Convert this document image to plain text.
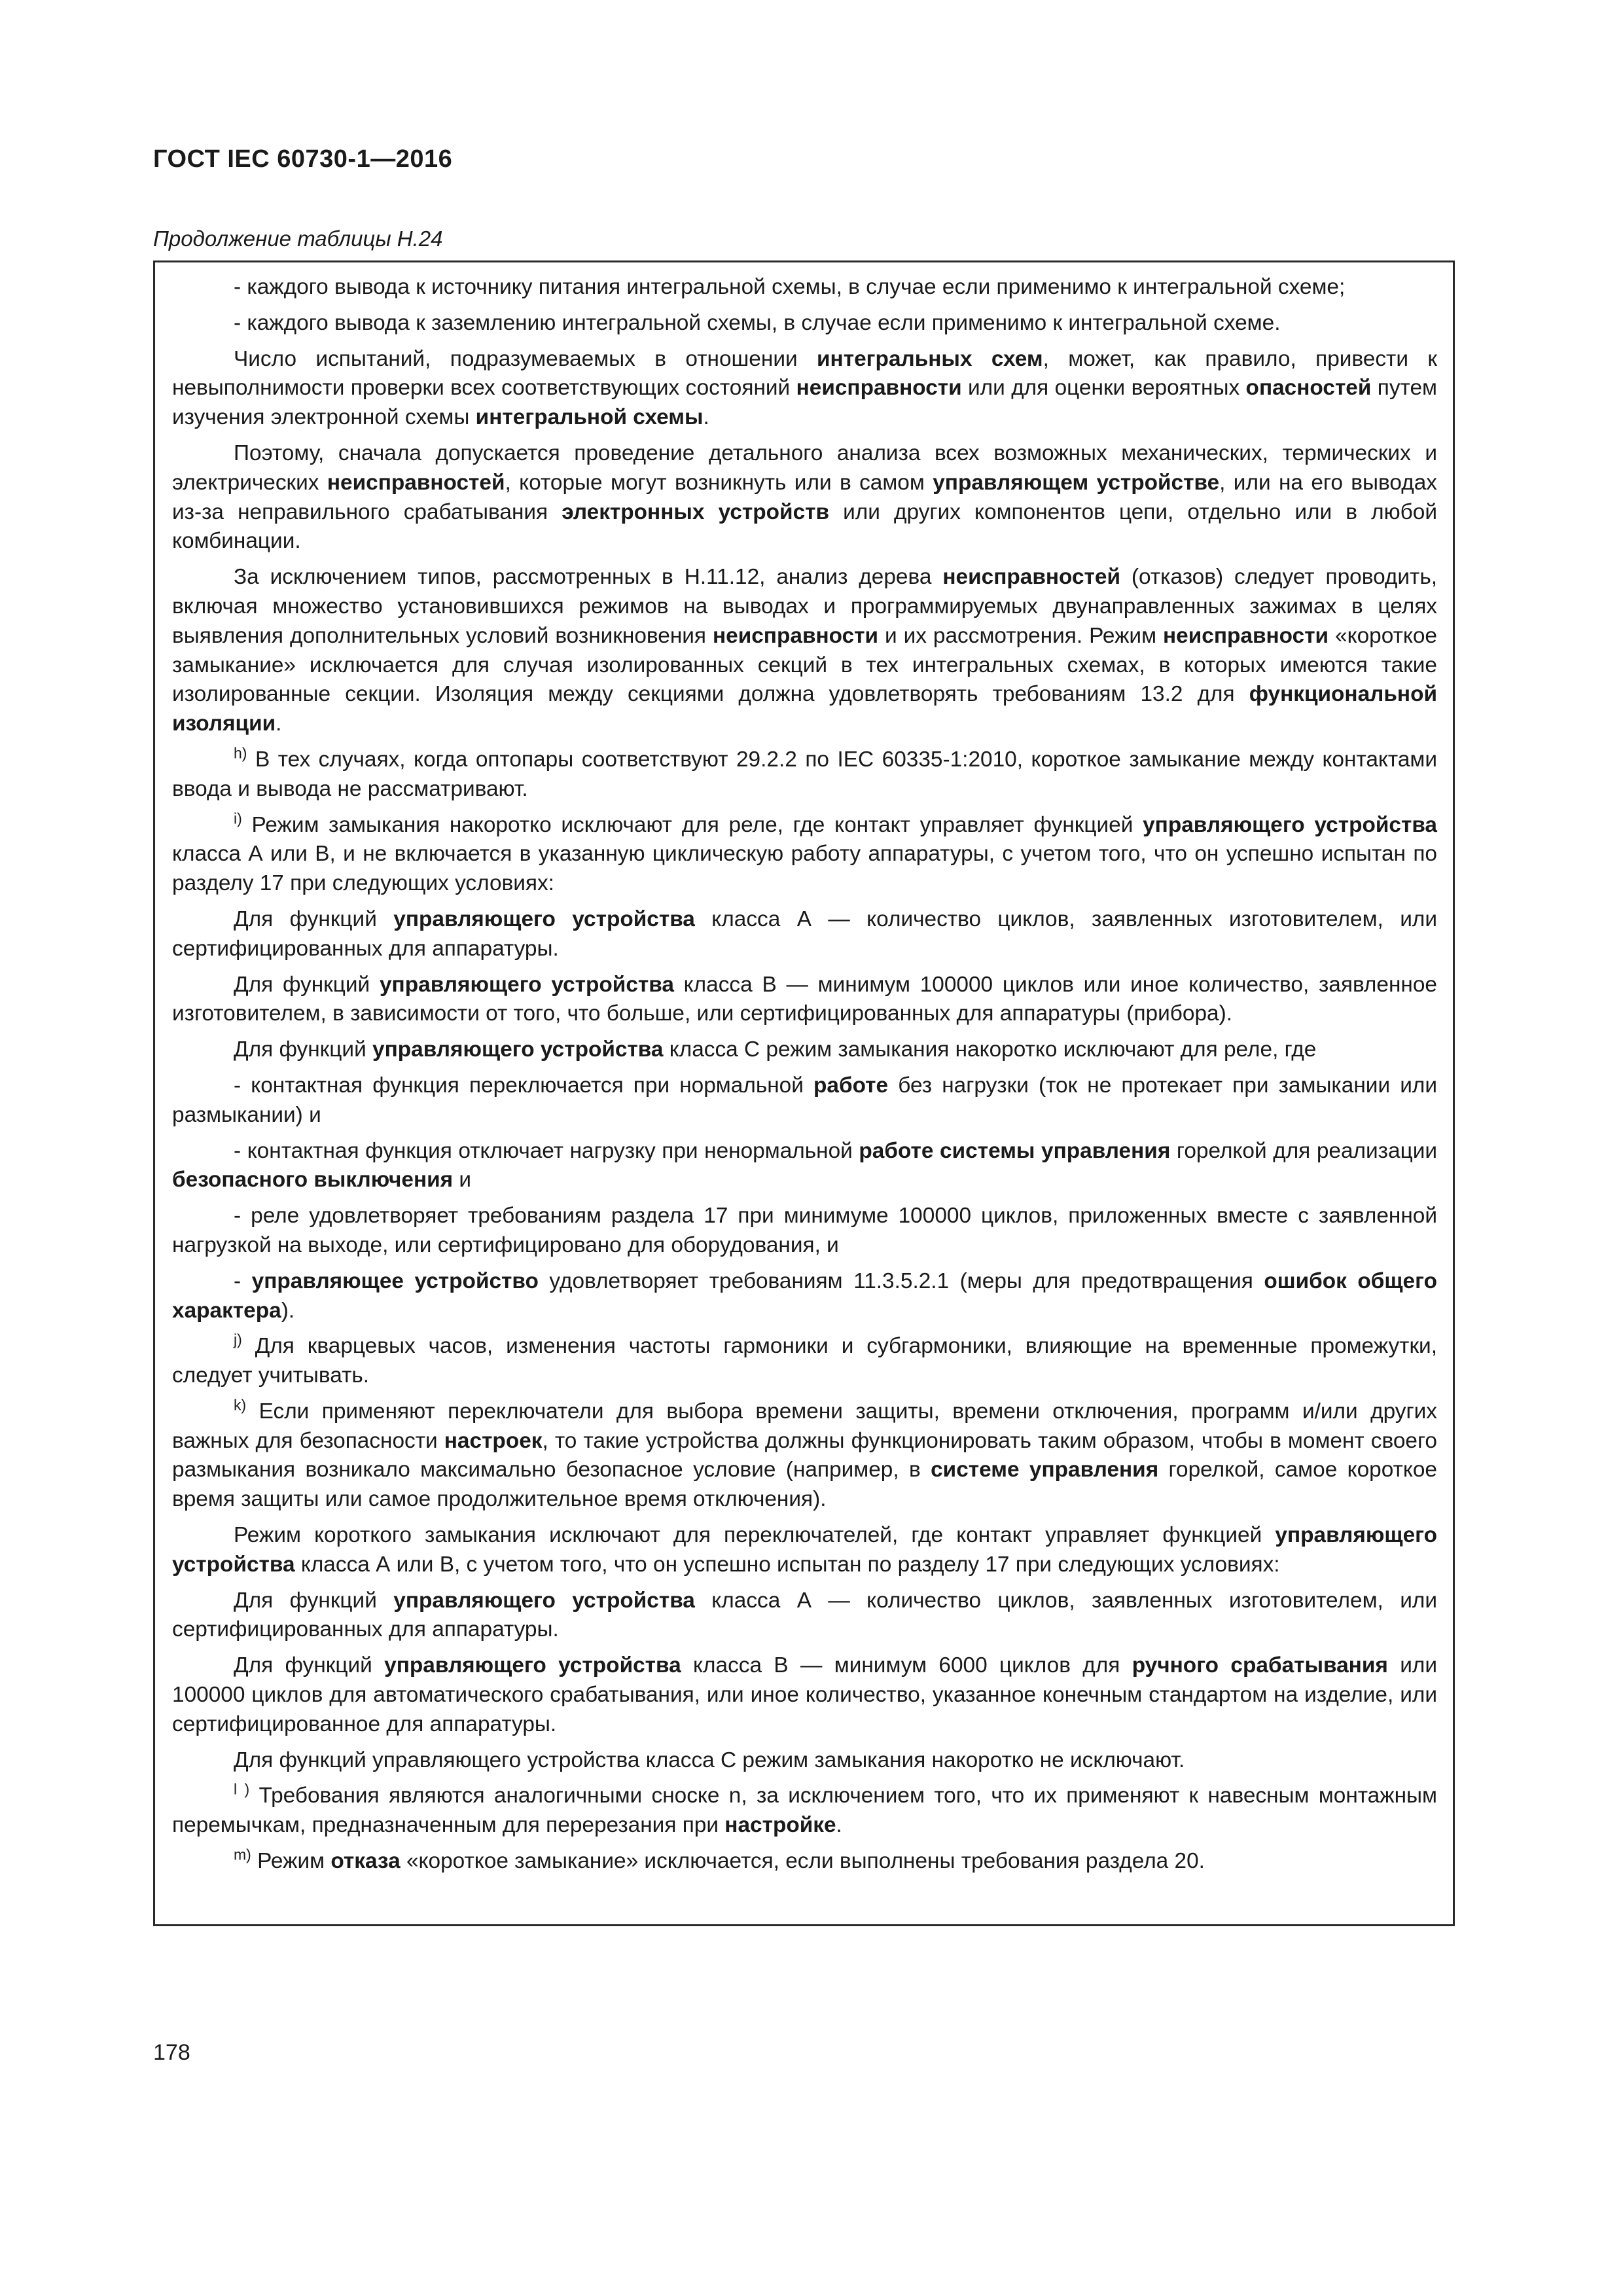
ГОСТ IEC 60730-1—2016
Продолжение таблицы Н.24

- каждого вывода к источнику питания интегральной схемы, в случае если применимо к интегральной схеме;

- каждого вывода к заземлению интегральной схемы, в случае если применимо к интегральной схеме.

Число испытаний, подразумеваемых в отношении интегральных схем, может, как правило, привести к невыполнимости проверки всех соответствующих состояний неисправности или для оценки вероятных опасностей путем изучения электронной схемы интегральной схемы.

Поэтому, сначала допускается проведение детального анализа всех возможных механических, термических и электрических неисправностей, которые могут возникнуть или в самом управляющем устройстве, или на его выводах из-за неправильного срабатывания электронных устройств или других компонентов цепи, отдельно или в любой комбинации.

За исключением типов, рассмотренных в Н.11.12, анализ дерева неисправностей (отказов) следует проводить, включая множество установившихся режимов на выводах и программируемых двунаправленных зажимах в целях выявления дополнительных условий возникновения неисправности и их рассмотрения. Режим неисправности «короткое замыкание» исключается для случая изолированных секций в тех интегральных схемах, в которых имеются такие изолированные секции. Изоляция между секциями должна удовлетворять требованиям 13.2 для функциональной изоляции.

$^{h)}$ В тех случаях, когда оптопары соответствуют 29.2.2 по IEC 60335-1:2010, короткое замыкание между контактами ввода и вывода не рассматривают.

$^{i)}$ Режим замыкания накоротко исключают для реле, где контакт управляет функцией управляющего устройства класса А или В, и не включается в указанную циклическую работу аппаратуры, с учетом того, что он успешно испытан по разделу 17 при следующих условиях:

Для функций управляющего устройства класса А — количество циклов, заявленных изготовителем, или сертифицированных для аппаратуры.

Для функций управляющего устройства класса В — минимум 100000 циклов или иное количество, заявленное изготовителем, в зависимости от того, что больше, или сертифицированных для аппаратуры (прибора).

Для функций управляющего устройства класса С режим замыкания накоротко исключают для реле, где

- контактная функция переключается при нормальной работе без нагрузки (ток не протекает при замыкании или размыкании) и

- контактная функция отключает нагрузку при ненормальной работе системы управления горелкой для реализации безопасного выключения и

- реле удовлетворяет требованиям раздела 17 при минимуме 100000 циклов, приложенных вместе с заявленной нагрузкой на выходе, или сертифицировано для оборудования, и

- управляющее устройство удовлетворяет требованиям 11.3.5.2.1 (меры для предотвращения ошибок общего характера).

$^{j)}$ Для кварцевых часов, изменения частоты гармоники и субгармоники, влияющие на временные промежутки, следует учитывать.

$^{k)}$ Если применяют переключатели для выбора времени защиты, времени отключения, программ и/или других важных для безопасности настроек, то такие устройства должны функционировать таким образом, чтобы в момент своего размыкания возникало максимально безопасное условие (например, в системе управления горелкой, самое короткое время защиты или самое продолжительное время отключения).

Режим короткого замыкания исключают для переключателей, где контакт управляет функцией управляющего устройства класса А или В, с учетом того, что он успешно испытан по разделу 17 при следующих условиях:

Для функций управляющего устройства класса А — количество циклов, заявленных изготовителем, или сертифицированных для аппаратуры.

Для функций управляющего устройства класса В — минимум 6000 циклов для ручного срабатывания или 100000 циклов для автоматического срабатывания, или иное количество, указанное конечным стандартом на изделие, или сертифицированное для аппаратуры.

Для функций управляющего устройства класса С режим замыкания накоротко не исключают.

$^{l )}$ Требования являются аналогичными сноске n, за исключением того, что их применяют к навесным монтажным перемычкам, предназначенным для перерезания при настройке.

$^{m)}$ Режим отказа «короткое замыкание» исключается, если выполнены требования раздела 20.

178
